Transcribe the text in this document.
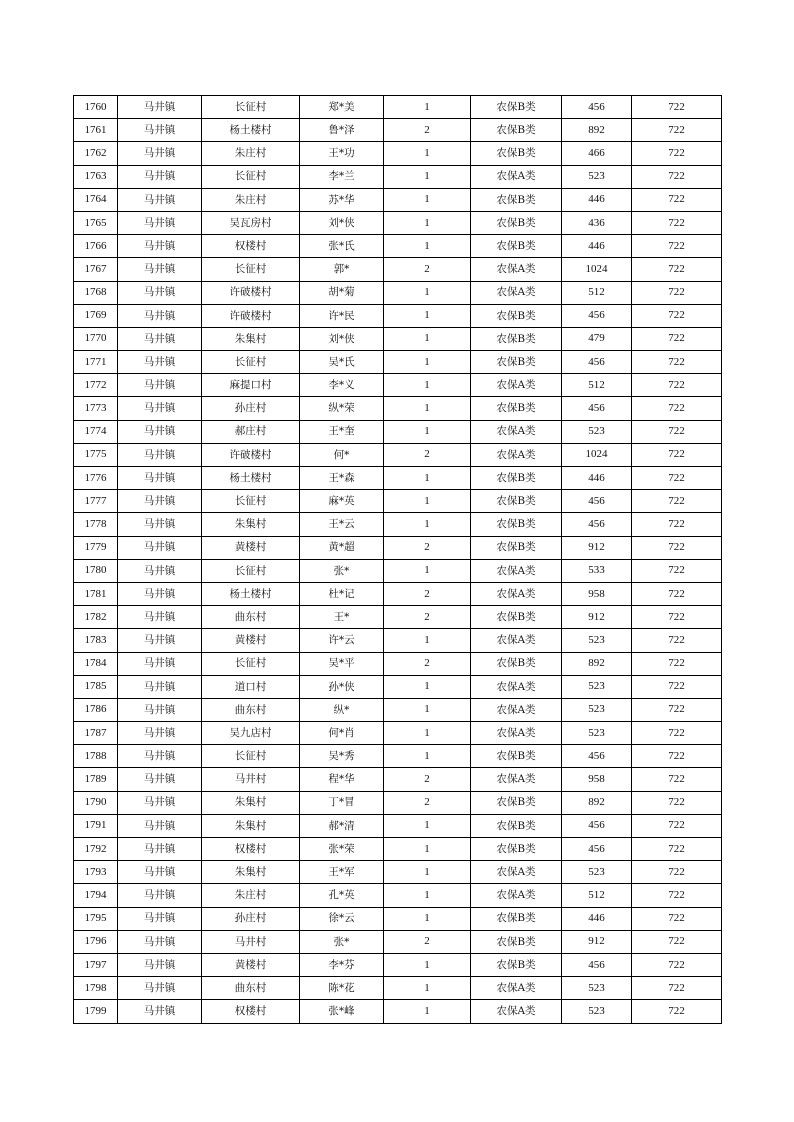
1760	马井镇	长征村	郑*美	1	农保B类	456	722
1761	马井镇	杨土楼村	鲁*泽	2	农保B类	892	722
1762	马井镇	朱庄村	王*功	1	农保B类	466	722
1763	马井镇	长征村	李*兰	1	农保A类	523	722
1764	马井镇	朱庄村	苏*华	1	农保B类	446	722
1765	马井镇	吴瓦房村	刘*侠	1	农保B类	436	722
1766	马井镇	权楼村	张*氏	1	农保B类	446	722
1767	马井镇	长征村	郭*	2	农保A类	1024	722
1768	马井镇	许破楼村	胡*菊	1	农保A类	512	722
1769	马井镇	许破楼村	许*民	1	农保B类	456	722
1770	马井镇	朱集村	刘*侠	1	农保B类	479	722
1771	马井镇	长征村	吴*氏	1	农保B类	456	722
1772	马井镇	麻提口村	李*义	1	农保A类	512	722
1773	马井镇	孙庄村	纵*荣	1	农保B类	456	722
1774	马井镇	郝庄村	王*奎	1	农保A类	523	722
1775	马井镇	许破楼村	何*	2	农保A类	1024	722
1776	马井镇	杨土楼村	王*森	1	农保B类	446	722
1777	马井镇	长征村	麻*英	1	农保B类	456	722
1778	马井镇	朱集村	王*云	1	农保B类	456	722
1779	马井镇	黄楼村	黄*超	2	农保B类	912	722
1780	马井镇	长征村	张*	1	农保A类	533	722
1781	马井镇	杨土楼村	杜*记	2	农保A类	958	722
1782	马井镇	曲东村	王*	2	农保B类	912	722
1783	马井镇	黄楼村	许*云	1	农保A类	523	722
1784	马井镇	长征村	吴*平	2	农保B类	892	722
1785	马井镇	道口村	孙*侠	1	农保A类	523	722
1786	马井镇	曲东村	纵*	1	农保A类	523	722
1787	马井镇	吴九店村	何*肖	1	农保A类	523	722
1788	马井镇	长征村	吴*秀	1	农保B类	456	722
1789	马井镇	马井村	程*华	2	农保A类	958	722
1790	马井镇	朱集村	丁*冒	2	农保B类	892	722
1791	马井镇	朱集村	郝*清	1	农保B类	456	722
1792	马井镇	权楼村	张*荣	1	农保B类	456	722
1793	马井镇	朱集村	王*军	1	农保A类	523	722
1794	马井镇	朱庄村	孔*英	1	农保A类	512	722
1795	马井镇	孙庄村	徐*云	1	农保B类	446	722
1796	马井镇	马井村	张*	2	农保B类	912	722
1797	马井镇	黄楼村	李*芬	1	农保B类	456	722
1798	马井镇	曲东村	陈*花	1	农保A类	523	722
1799	马井镇	权楼村	张*峰	1	农保A类	523	722
